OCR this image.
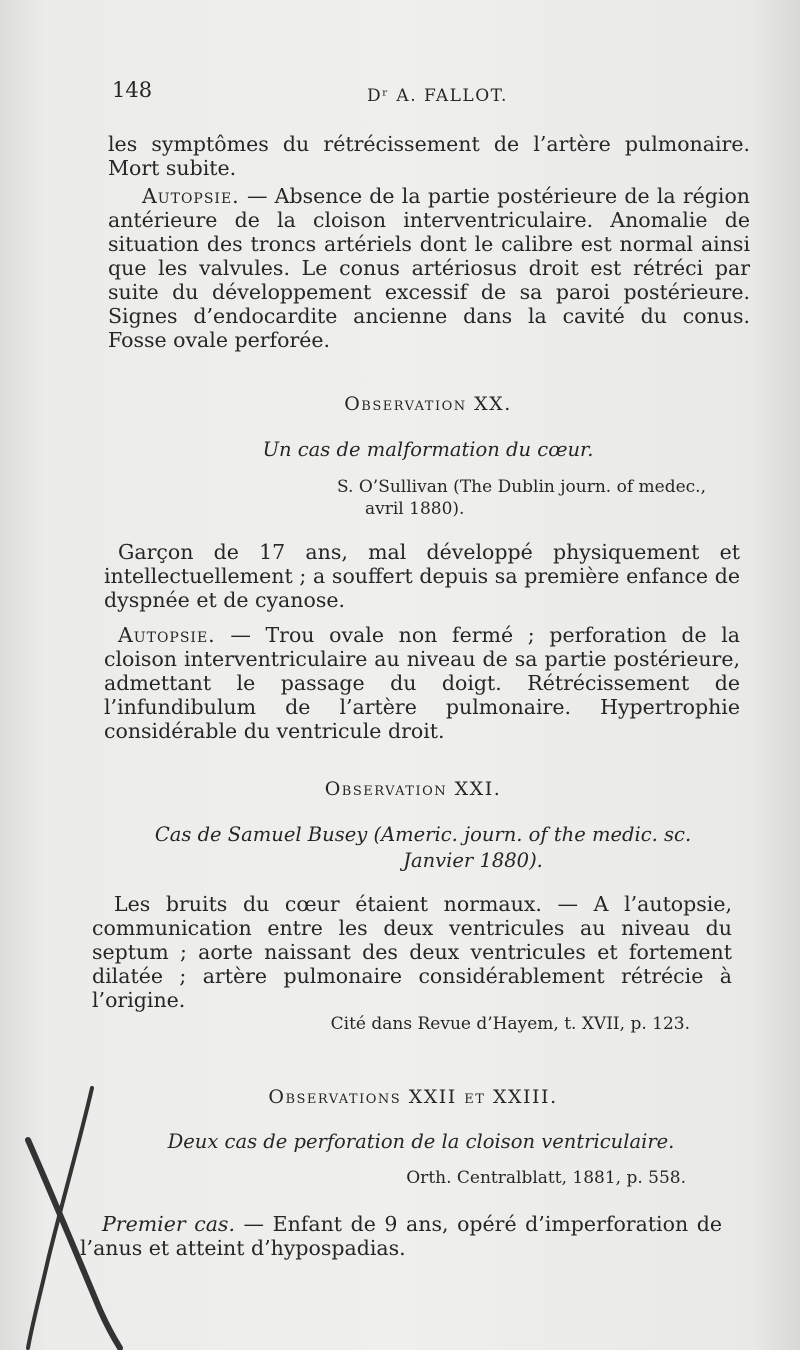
148	Dʳ A. FALLOT.
les symptômes du rétrécissement de l’artère pulmonaire. Mort subite.
Autopsie. — Absence de la partie postérieure de la région antérieure de la cloison interventriculaire. Anomalie de situation des troncs artériels dont le calibre est normal ainsi que les valvules. Le conus artériosus droit est rétréci par suite du développement excessif de sa paroi postérieure. Signes d’endocardite ancienne dans la cavité du conus. Fosse ovale perforée.
Observation XX.
Un cas de malformation du cœur.
S. O’Sullivan (The Dublin journ. of medec.,
avril 1880).
Garçon de 17 ans, mal développé physiquement et intellectuellement ; a souffert depuis sa première enfance de dyspnée et de cyanose.
Autopsie. — Trou ovale non fermé ; perforation de la cloison interventriculaire au niveau de sa partie postérieure, admettant le passage du doigt. Rétrécissement de l’infundibulum de l’artère pulmonaire. Hypertrophie considérable du ventricule droit.
Observation XXI.
Cas de Samuel Busey (Americ. journ. of the medic. sc.
Janvier 1880).
Les bruits du cœur étaient normaux. — A l’autopsie, communication entre les deux ventricules au niveau du septum ; aorte naissant des deux ventricules et fortement dilatée ; artère pulmonaire considérablement rétrécie à l’origine.
Cité dans Revue d’Hayem, t. XVII, p. 123.
Observations XXII et XXIII.
Deux cas de perforation de la cloison ventriculaire.
Orth. Centralblatt, 1881, p. 558.
Premier cas. — Enfant de 9 ans, opéré d’imperforation de l’anus et atteint d’hypospadias.
